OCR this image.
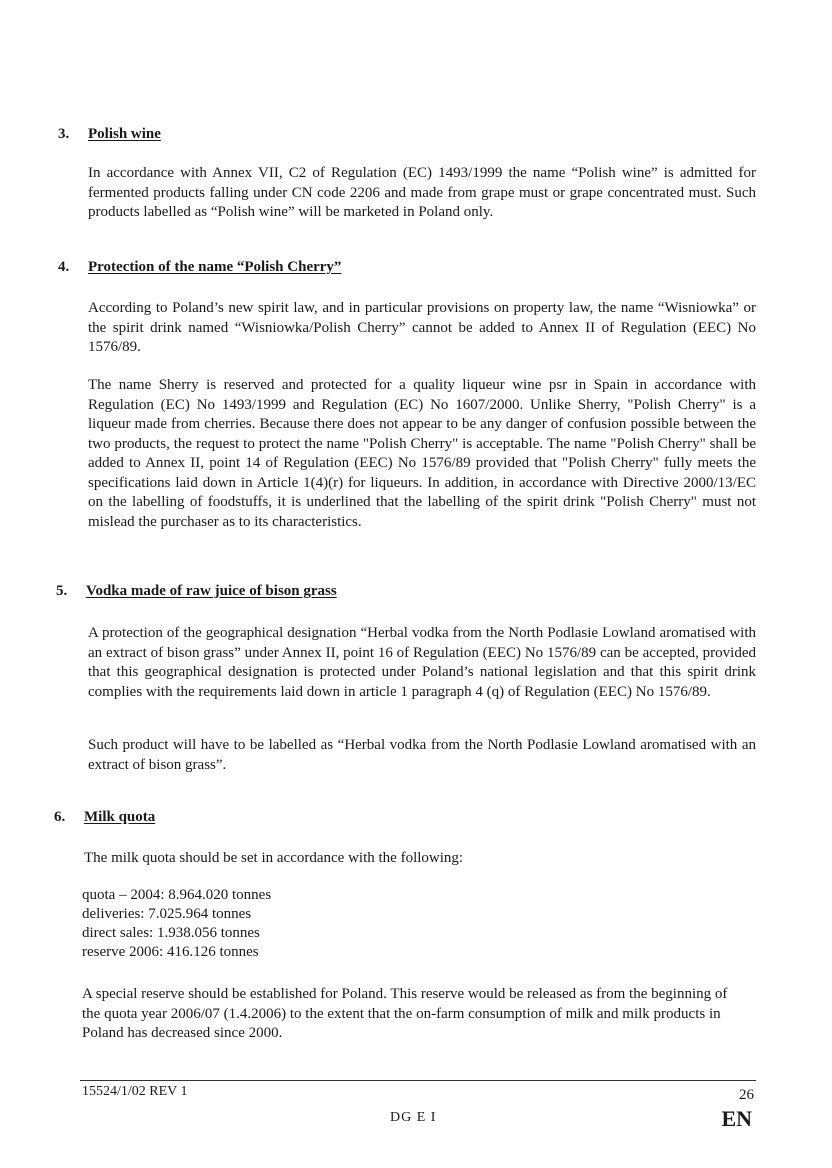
3. Polish wine

In accordance with Annex VII, C2 of Regulation (EC) 1493/1999 the name “Polish wine” is admitted for fermented products falling under CN code 2206 and made from grape must or grape concentrated must. Such products labelled as “Polish wine” will be marketed in Poland only.

4. Protection of the name “Polish Cherry”

According to Poland’s new spirit law, and in particular provisions on property law, the name “Wisniowka” or the spirit drink named “Wisniowka/Polish Cherry” cannot be added to Annex II of Regulation (EEC) No 1576/89.

The name Sherry is reserved and protected for a quality liqueur wine psr in Spain in accordance with Regulation (EC) No 1493/1999 and Regulation (EC) No 1607/2000. Unlike Sherry, "Polish Cherry" is a liqueur made from cherries. Because there does not appear to be any danger of confusion possible between the two products, the request to protect the name "Polish Cherry" is acceptable. The name "Polish Cherry" shall be added to Annex II, point 14 of Regulation (EEC) No 1576/89 provided that "Polish Cherry" fully meets the specifications laid down in Article 1(4)(r) for liqueurs. In addition, in accordance with Directive 2000/13/EC on the labelling of foodstuffs, it is underlined that the labelling of the spirit drink "Polish Cherry" must not mislead the purchaser as to its characteristics.

5. Vodka made of raw juice of bison grass

A protection of the geographical designation “Herbal vodka from the North Podlasie Lowland aromatised with an extract of bison grass” under Annex II, point 16 of Regulation (EEC) No 1576/89 can be accepted, provided that this geographical designation is protected under Poland’s national legislation and that this spirit drink complies with the requirements laid down in article 1 paragraph 4 (q) of Regulation (EEC) No 1576/89.

Such product will have to be labelled as “Herbal vodka from the North Podlasie Lowland aromatised with an extract of bison grass”.

6. Milk quota

The milk quota should be set in accordance with the following:

quota – 2004: 8.964.020 tonnes
deliveries: 7.025.964 tonnes
direct sales: 1.938.056 tonnes
reserve 2006: 416.126 tonnes

A special reserve should be established for Poland. This reserve would be released as from the beginning of the quota year 2006/07 (1.4.2006) to the extent that the on-farm consumption of milk and milk products in Poland has decreased since 2000.

15524/1/02 REV 1	26
DG E I	EN
